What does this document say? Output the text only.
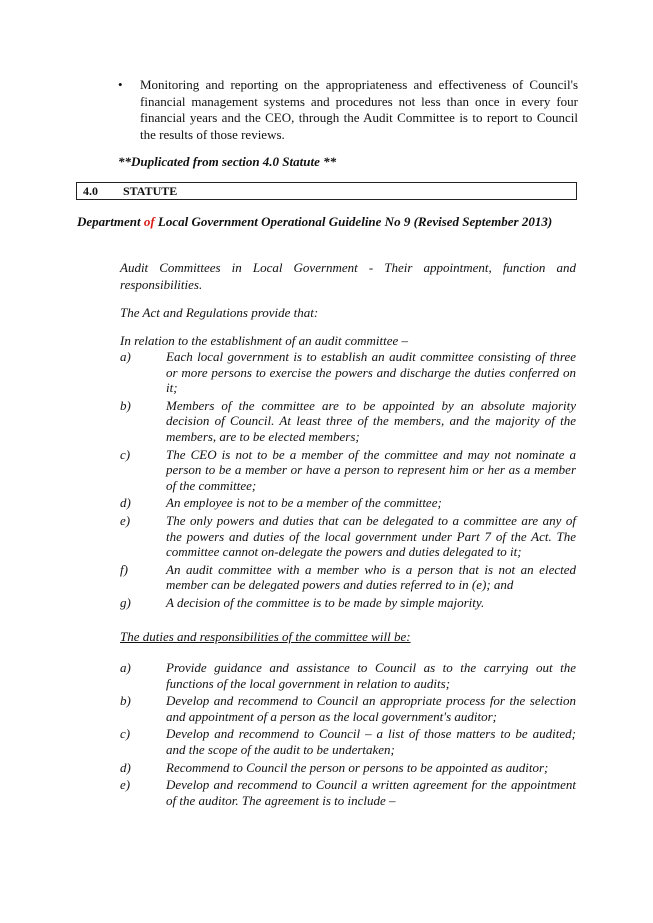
• Monitoring and reporting on the appropriateness and effectiveness of Council's financial management systems and procedures not less than once in every four financial years and the CEO, through the Audit Committee is to report to Council the results of those reviews.
**Duplicated from section 4.0 Statute **
4.0 STATUTE
Department of Local Government Operational Guideline No 9 (Revised September 2013)
Audit Committees in Local Government - Their appointment, function and responsibilities.
The Act and Regulations provide that:
In relation to the establishment of an audit committee –
a)	Each local government is to establish an audit committee consisting of three or more persons to exercise the powers and discharge the duties conferred on it;
b)	Members of the committee are to be appointed by an absolute majority decision of Council. At least three of the members, and the majority of the members, are to be elected members;
c)	The CEO is not to be a member of the committee and may not nominate a person to be a member or have a person to represent him or her as a member of the committee;
d)	An employee is not to be a member of the committee;
e)	The only powers and duties that can be delegated to a committee are any of the powers and duties of the local government under Part 7 of the Act. The committee cannot on-delegate the powers and duties delegated to it;
f)	An audit committee with a member who is a person that is not an elected member can be delegated powers and duties referred to in (e); and
g)	A decision of the committee is to be made by simple majority.
The duties and responsibilities of the committee will be:
a)	Provide guidance and assistance to Council as to the carrying out the functions of the local government in relation to audits;
b)	Develop and recommend to Council an appropriate process for the selection and appointment of a person as the local government's auditor;
c)	Develop and recommend to Council – a list of those matters to be audited; and the scope of the audit to be undertaken;
d)	Recommend to Council the person or persons to be appointed as auditor;
e)	Develop and recommend to Council a written agreement for the appointment of the auditor. The agreement is to include –
